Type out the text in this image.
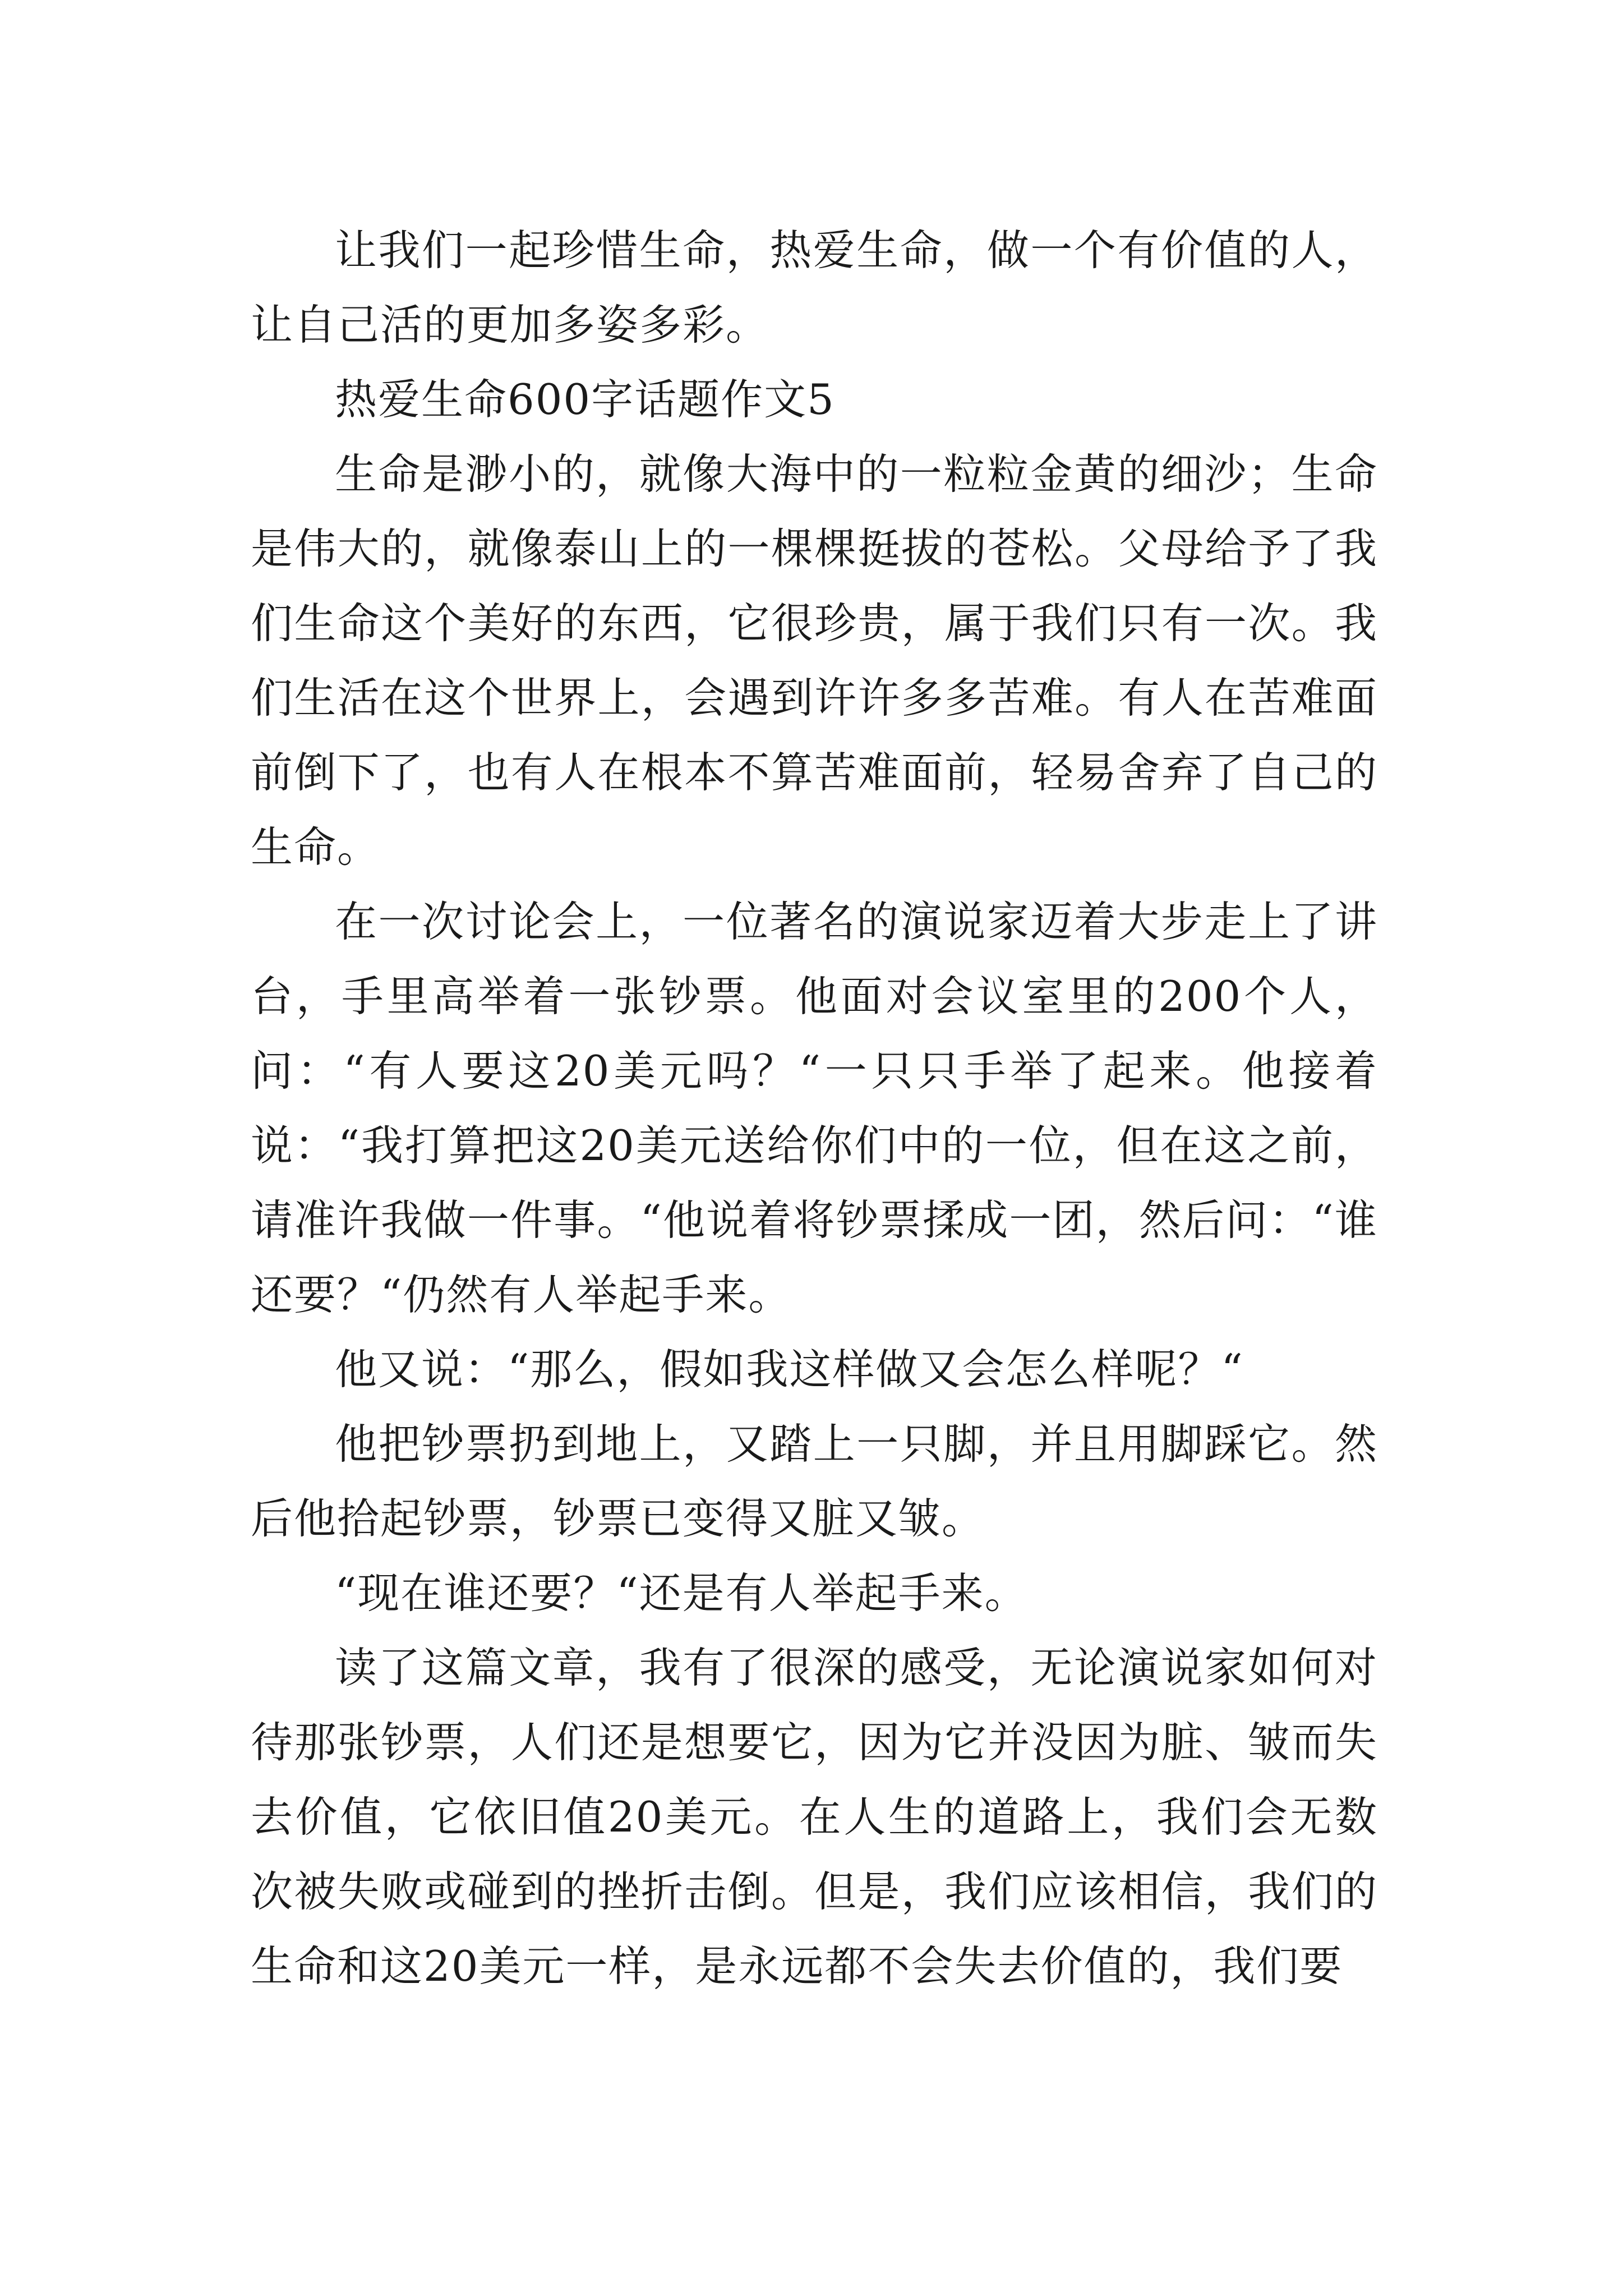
让我们一起珍惜生命，热爱生命，做一个有价值的人，让自己活的更加多姿多彩。

热爱生命600字话题作文5

生命是渺小的，就像大海中的一粒粒金黄的细沙；生命是伟大的，就像泰山上的一棵棵挺拔的苍松。父母给予了我们生命这个美好的东西，它很珍贵，属于我们只有一次。我们生活在这个世界上，会遇到许许多多苦难。有人在苦难面前倒下了，也有人在根本不算苦难面前，轻易舍弃了自己的生命。

在一次讨论会上，一位著名的演说家迈着大步走上了讲台，手里高举着一张钞票。他面对会议室里的200个人，问：“有人要这20美元吗？“一只只手举了起来。他接着说：“我打算把这20美元送给你们中的一位，但在这之前，请准许我做一件事。“他说着将钞票揉成一团，然后问：“谁还要？“仍然有人举起手来。

他又说：“那么，假如我这样做又会怎么样呢？“

他把钞票扔到地上，又踏上一只脚，并且用脚踩它。然后他拾起钞票，钞票已变得又脏又皱。

“现在谁还要？“还是有人举起手来。

读了这篇文章，我有了很深的感受，无论演说家如何对待那张钞票，人们还是想要它，因为它并没因为脏、皱而失去价值，它依旧值20美元。在人生的道路上，我们会无数次被失败或碰到的挫折击倒。但是，我们应该相信，我们的生命和这20美元一样，是永远都不会失去价值的，我们要
